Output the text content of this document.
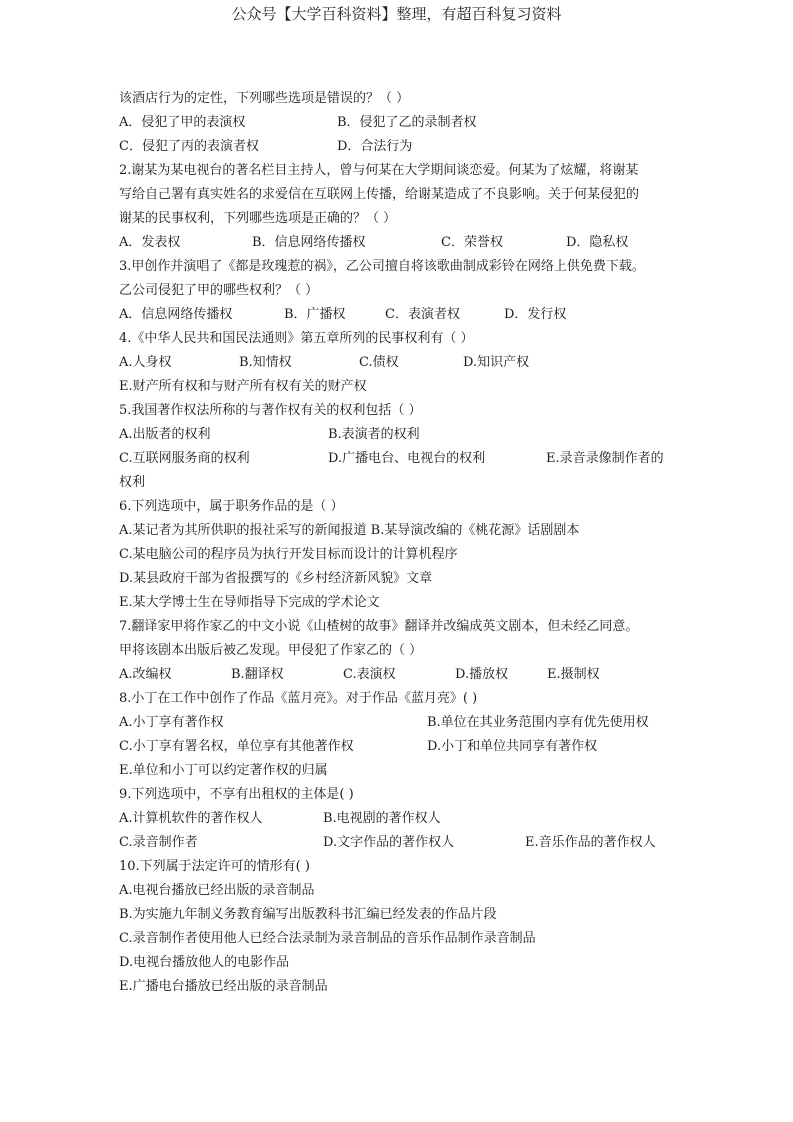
公众号【大学百科资料】整理，有超百科复习资料
该酒店行为的定性，下列哪些选项是错误的？（ ）
A．侵犯了甲的表演权	B．侵犯了乙的录制者权
C．侵犯了丙的表演者权	D．合法行为
2.谢某为某电视台的著名栏目主持人，曾与何某在大学期间谈恋爱。何某为了炫耀，将谢某
写给自己署有真实姓名的求爱信在互联网上传播，给谢某造成了不良影响。关于何某侵犯的
谢某的民事权利，下列哪些选项是正确的？（ ）
A．发表权	B．信息网络传播权	C．荣誉权	D．隐私权
3.甲创作并演唱了《都是玫瑰惹的祸》，乙公司擅自将该歌曲制成彩铃在网络上供免费下载。
乙公司侵犯了甲的哪些权利？（ ）
A．信息网络传播权	B．广播权	C．表演者权	D．发行权
4.《中华人民共和国民法通则》第五章所列的民事权利有（ ）
A.人身权	B.知情权	C.债权	D.知识产权
E.财产所有权和与财产所有权有关的财产权
5.我国著作权法所称的与著作权有关的权利包括（ ）
A.出版者的权利	B.表演者的权利
C.互联网服务商的权利	D.广播电台、电视台的权利	E.录音录像制作者的
权利
6.下列选项中，属于职务作品的是（ ）
A.某记者为其所供职的报社采写的新闻报道 B.某导演改编的《桃花源》话剧剧本
C.某电脑公司的程序员为执行开发目标而设计的计算机程序
D.某县政府干部为省报撰写的《乡村经济新风貌》文章
E.某大学博士生在导师指导下完成的学术论文
7.翻译家甲将作家乙的中文小说《山楂树的故事》翻译并改编成英文剧本，但未经乙同意。
甲将该剧本出版后被乙发现。甲侵犯了作家乙的（ ）
A.改编权	B.翻译权	C.表演权	D.播放权	E.摄制权
8.小丁在工作中创作了作品《蓝月亮》。对于作品《蓝月亮》( )
A.小丁享有著作权	B.单位在其业务范围内享有优先使用权
C.小丁享有署名权，单位享有其他著作权	D.小丁和单位共同享有著作权
E.单位和小丁可以约定著作权的归属
9.下列选项中，不享有出租权的主体是( )
A.计算机软件的著作权人	B.电视剧的著作权人
C.录音制作者	D.文字作品的著作权人	E.音乐作品的著作权人
10.下列属于法定许可的情形有( )
A.电视台播放已经出版的录音制品
B.为实施九年制义务教育编写出版教科书汇编已经发表的作品片段
C.录音制作者使用他人已经合法录制为录音制品的音乐作品制作录音制品
D.电视台播放他人的电影作品
E.广播电台播放已经出版的录音制品
